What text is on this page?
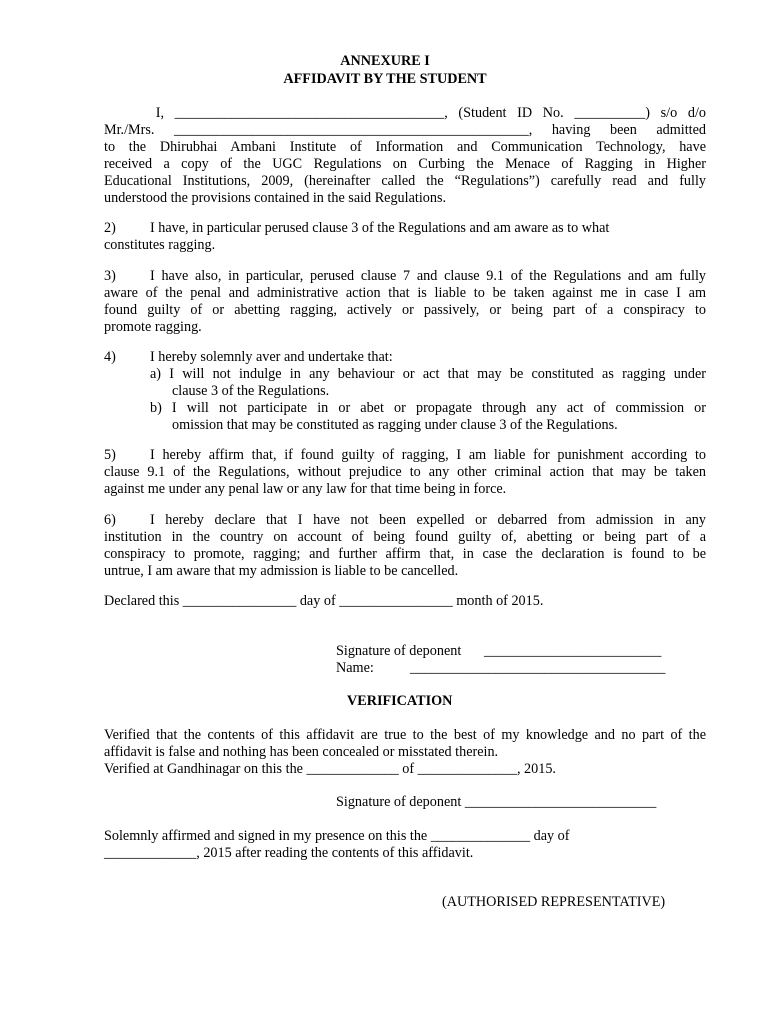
ANNEXURE I
AFFIDAVIT BY THE STUDENT
I, ______________________________________, (Student ID No. __________) s/o d/o
Mr./Mrs. __________________________________________________, having been admitted
to the Dhirubhai Ambani Institute of Information and Communication Technology, have
received a copy of the UGC Regulations on Curbing the Menace of Ragging in Higher
Educational Institutions, 2009, (hereinafter called the “Regulations”) carefully read and fully
understood the provisions contained in the said Regulations.
2) I have, in particular perused clause 3 of the Regulations and am aware as to what
constitutes ragging.
3) I have also, in particular, perused clause 7 and clause 9.1 of the Regulations and am fully
aware of the penal and administrative action that is liable to be taken against me in case I am
found guilty of or abetting ragging, actively or passively, or being part of a conspiracy to
promote ragging.
4) I hereby solemnly aver and undertake that:
a) I will not indulge in any behaviour or act that may be constituted as ragging under
clause 3 of the Regulations.
b) I will not participate in or abet or propagate through any act of commission or
omission that may be constituted as ragging under clause 3 of the Regulations.
5) I hereby affirm that, if found guilty of ragging, I am liable for punishment according to
clause 9.1 of the Regulations, without prejudice to any other criminal action that may be taken
against me under any penal law or any law for that time being in force.
6) I hereby declare that I have not been expelled or debarred from admission in any
institution in the country on account of being found guilty of, abetting or being part of a
conspiracy to promote, ragging; and further affirm that, in case the declaration is found to be
untrue, I am aware that my admission is liable to be cancelled.
Declared this ________________ day of ________________ month of 2015.
Signature of deponent _________________________
Name:	____________________________________
VERIFICATION
Verified that the contents of this affidavit are true to the best of my knowledge and no part of the
affidavit is false and nothing has been concealed or misstated therein.
Verified at Gandhinagar on this the _____________ of ______________, 2015.
Signature of deponent ___________________________
Solemnly affirmed and signed in my presence on this the ______________ day of
_____________, 2015 after reading the contents of this affidavit.
(AUTHORISED REPRESENTATIVE)
